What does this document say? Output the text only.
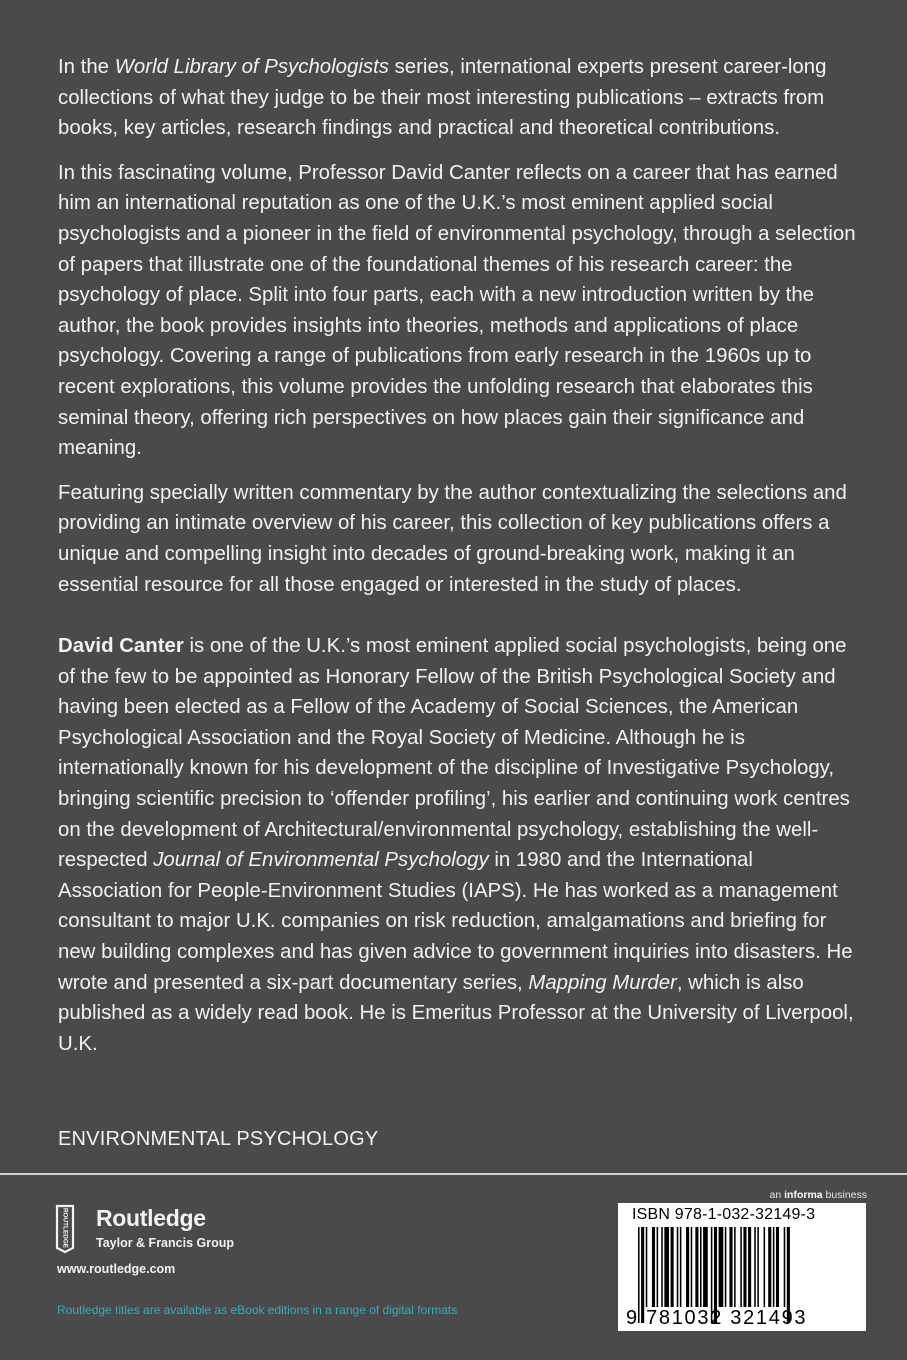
In the World Library of Psychologists series, international experts present career-long collections of what they judge to be their most interesting publications – extracts from books, key articles, research findings and practical and theoretical contributions.

In this fascinating volume, Professor David Canter reflects on a career that has earned him an international reputation as one of the U.K.’s most eminent applied social psychologists and a pioneer in the field of environmental psychology, through a selection of papers that illustrate one of the foundational themes of his research career: the psychology of place. Split into four parts, each with a new introduction written by the author, the book provides insights into theories, methods and applications of place psychology. Covering a range of publications from early research in the 1960s up to recent explorations, this volume provides the unfolding research that elaborates this seminal theory, offering rich perspectives on how places gain their significance and meaning.

Featuring specially written commentary by the author contextualizing the selections and providing an intimate overview of his career, this collection of key publications offers a unique and compelling insight into decades of ground-breaking work, making it an essential resource for all those engaged or interested in the study of places.

David Canter is one of the U.K.’s most eminent applied social psychologists, being one of the few to be appointed as Honorary Fellow of the British Psychological Society and having been elected as a Fellow of the Academy of Social Sciences, the American Psychological Association and the Royal Society of Medicine. Although he is internationally known for his development of the discipline of Investigative Psychology, bringing scientific precision to ‘offender profiling’, his earlier and continuing work centres on the development of Architectural/environmental psychology, establishing the well-respected Journal of Environmental Psychology in 1980 and the International Association for People-Environment Studies (IAPS). He has worked as a management consultant to major U.K. companies on risk reduction, amalgamations and briefing for new building complexes and has given advice to government inquiries into disasters. He wrote and presented a six-part documentary series, Mapping Murder, which is also published as a widely read book. He is Emeritus Professor at the University of Liverpool, U.K.

ENVIRONMENTAL PSYCHOLOGY
ROUTLEDGE Routledge
Taylor & Francis Group
www.routledge.com
Routledge titles are available as eBook editions in a range of digital formats
an informa business
ISBN 978-1-032-32149-3
9 781032 321493
